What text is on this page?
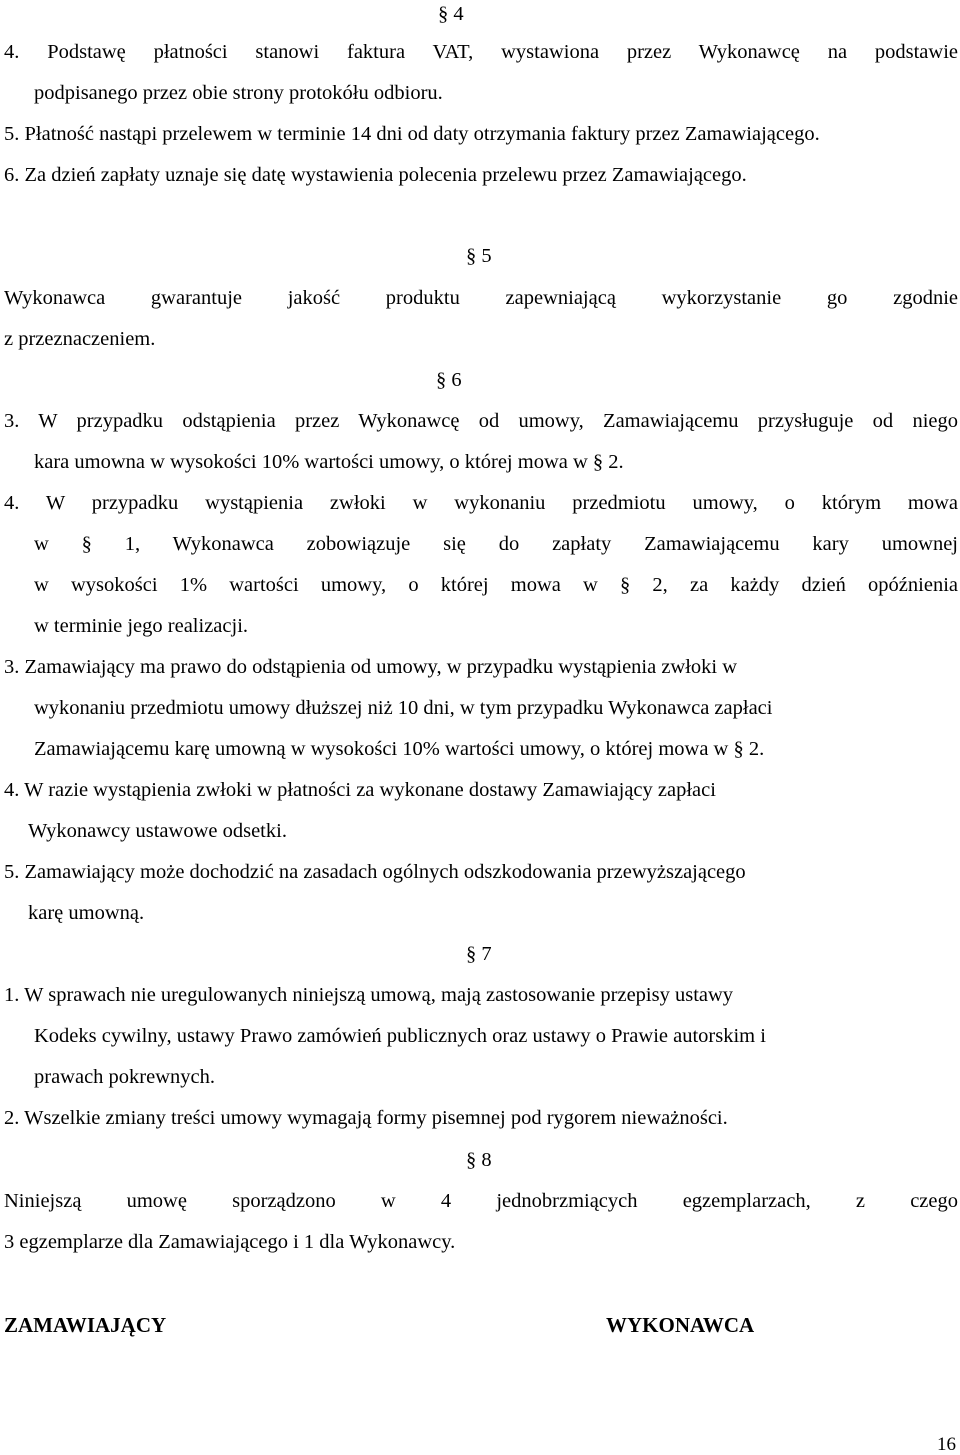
§ 4
4. Podstawę płatności stanowi faktura VAT, wystawiona przez Wykonawcę na podstawie
podpisanego przez obie strony protokółu odbioru.
5. Płatność nastąpi przelewem w terminie 14 dni od daty otrzymania faktury przez Zamawiającego.
6. Za dzień zapłaty uznaje się datę wystawienia polecenia przelewu przez Zamawiającego.
§ 5
Wykonawca gwarantuje jakość produktu zapewniającą wykorzystanie go zgodnie
z przeznaczeniem.
§ 6
3. W przypadku odstąpienia przez Wykonawcę od umowy, Zamawiającemu przysługuje od niego
kara umowna w wysokości 10% wartości umowy, o której mowa w § 2.
4. W przypadku wystąpienia zwłoki w wykonaniu przedmiotu umowy, o którym mowa
w § 1, Wykonawca zobowiązuje się do zapłaty Zamawiającemu kary umownej
w wysokości 1% wartości umowy, o której mowa w § 2, za każdy dzień opóźnienia
w terminie jego realizacji.
3. Zamawiający ma prawo do odstąpienia od umowy, w przypadku wystąpienia zwłoki w
wykonaniu przedmiotu umowy dłuższej niż 10 dni, w tym przypadku Wykonawca zapłaci
Zamawiającemu karę umowną w wysokości 10% wartości umowy, o której mowa w § 2.
4. W razie wystąpienia zwłoki w płatności za wykonane dostawy Zamawiający zapłaci
Wykonawcy ustawowe odsetki.
5. Zamawiający może dochodzić na zasadach ogólnych odszkodowania przewyższającego
karę umowną.
§ 7
1. W sprawach nie uregulowanych niniejszą umową, mają zastosowanie przepisy ustawy
Kodeks cywilny, ustawy Prawo zamówień publicznych oraz ustawy o Prawie autorskim i
prawach pokrewnych.
2. Wszelkie zmiany treści umowy wymagają formy pisemnej pod rygorem nieważności.
§ 8
Niniejszą umowę sporządzono w 4 jednobrzmiących egzemplarzach, z czego
3 egzemplarze dla Zamawiającego i 1 dla Wykonawcy.
ZAMAWIAJĄCY	WYKONAWCA
16
